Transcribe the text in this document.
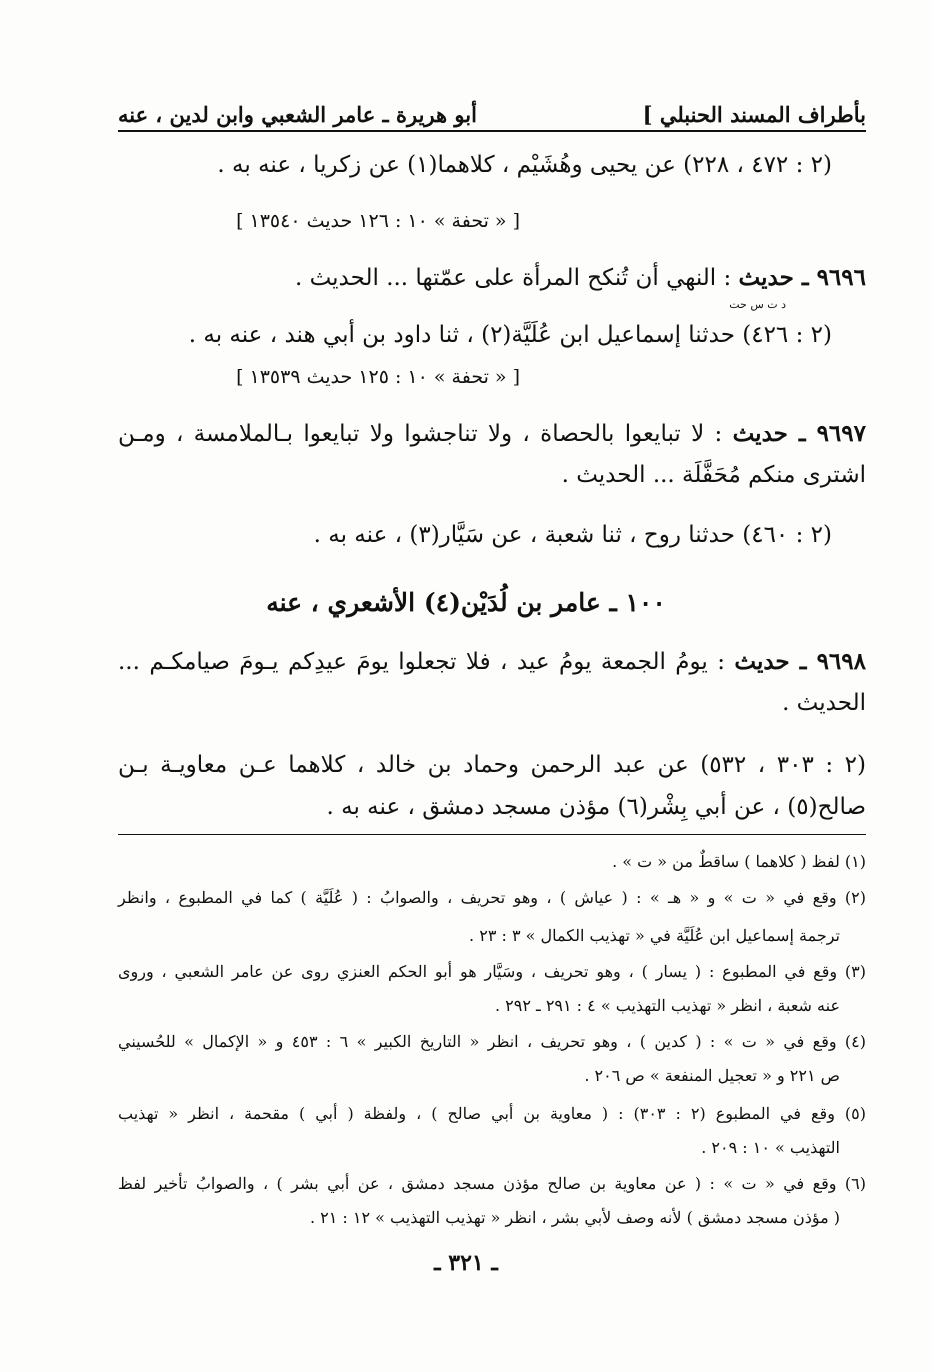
بأطراف المسند الحنبلي ]
أبو هريرة ـ عامر الشعبي وابن لدين ، عنه
(٢ : ٤٧٢ ، ٢٢٨) عن يحيى وهُشَيْم ، كلاهما(١) عن زكريا ، عنه به .
[ « تحفة » ١٠ : ١٢٦ حديث ١٣٥٤٠ ]
٩٦٩٦ ـ حديث : النهي أن تُنكح المرأة على عمّتها ... الحديث .
د ت س حت
(٢ : ٤٢٦) حدثنا إسماعيل ابن عُلَيَّة(٢) ، ثنا داود بن أبي هند ، عنه به .
[ « تحفة » ١٠ : ١٢٥ حديث ١٣٥٣٩ ]
٩٦٩٧ ـ حديث : لا تبايعوا بالحصاة ، ولا تناجشوا ولا تبايعوا بـالملامسة ، ومـن
اشترى منكم مُحَفَّلَة ... الحديث .
(٢ : ٤٦٠) حدثنا روح ، ثنا شعبة ، عن سَيَّار(٣) ، عنه به .
١٠٠ ـ عامر بن لُدَيْن(٤) الأشعري ، عنه
٩٦٩٨ ـ حديث : يومُ الجمعة يومُ عيد ، فلا تجعلوا يومَ عيدِكم يـومَ صيامكـم ...
الحديث .
(٢ : ٣٠٣ ، ٥٣٢) عن عبد الرحمن وحماد بن خالد ، كلاهما عـن معاويـة بـن
صالح(٥) ، عن أبي بِشْر(٦) مؤذن مسجد دمشق ، عنه به .
(١) لفظ ( كلاهما ) ساقطٌ من « ت » .
(٢) وقع في « ت » و « هـ » : ( عياش ) ، وهو تحريف ، والصوابُ : ( عُلَيَّة ) كما في المطبوع ، وانظر
ترجمة إسماعيل ابن عُلَيَّة في « تهذيب الكمال » ٣ : ٢٣ .
(٣) وقع في المطبوع : ( يسار ) ، وهو تحريف ، وسَيَّار هو أبو الحكم العنزي روى عن عامر الشعبي ، وروى
عنه شعبة ، انظر « تهذيب التهذيب » ٤ : ٢٩١ ـ ٢٩٢ .
(٤) وقع في « ت » : ( كدين ) ، وهو تحريف ، انظر « التاريخ الكبير » ٦ : ٤٥٣ و « الإكمال » للحُسيني
ص ٢٢١ و « تعجيل المنفعة » ص ٢٠٦ .
(٥) وقع في المطبوع (٢ : ٣٠٣) : ( معاوية بن أبي صالح ) ، ولفظة ( أبي ) مقحمة ، انظر « تهذيب
التهذيب » ١٠ : ٢٠٩ .
(٦) وقع في « ت » : ( عن معاوية بن صالح مؤذن مسجد دمشق ، عن أبي بشر ) ، والصوابُ تأخير لفظ
( مؤذن مسجد دمشق ) لأنه وصف لأبي بشر ، انظر « تهذيب التهذيب » ١٢ : ٢١ .
ـ ٣٢١ ـ
